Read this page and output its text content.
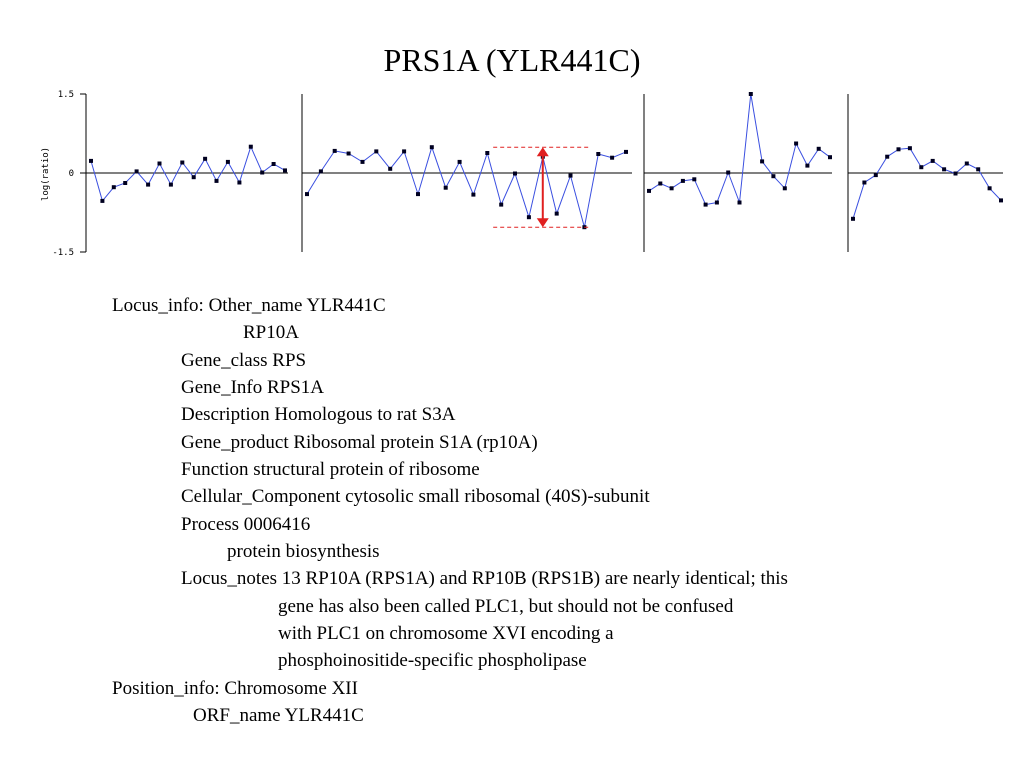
PRS1A (YLR441C)
log(ratio)
1.5
0
-1.5
Locus_info: Other_name YLR441C
RP10A
Gene_class RPS
Gene_Info RPS1A
Description Homologous to rat S3A
Gene_product Ribosomal protein S1A (rp10A)
Function structural protein of ribosome
Cellular_Component cytosolic small ribosomal (40S)-subunit
Process 0006416
protein biosynthesis
Locus_notes 13 RP10A (RPS1A) and RP10B (RPS1B) are nearly identical; this
gene has also been called PLC1, but should not be confused
with PLC1 on chromosome XVI encoding a
phosphoinositide-specific phospholipase
Position_info: Chromosome XII
ORF_name YLR441C
